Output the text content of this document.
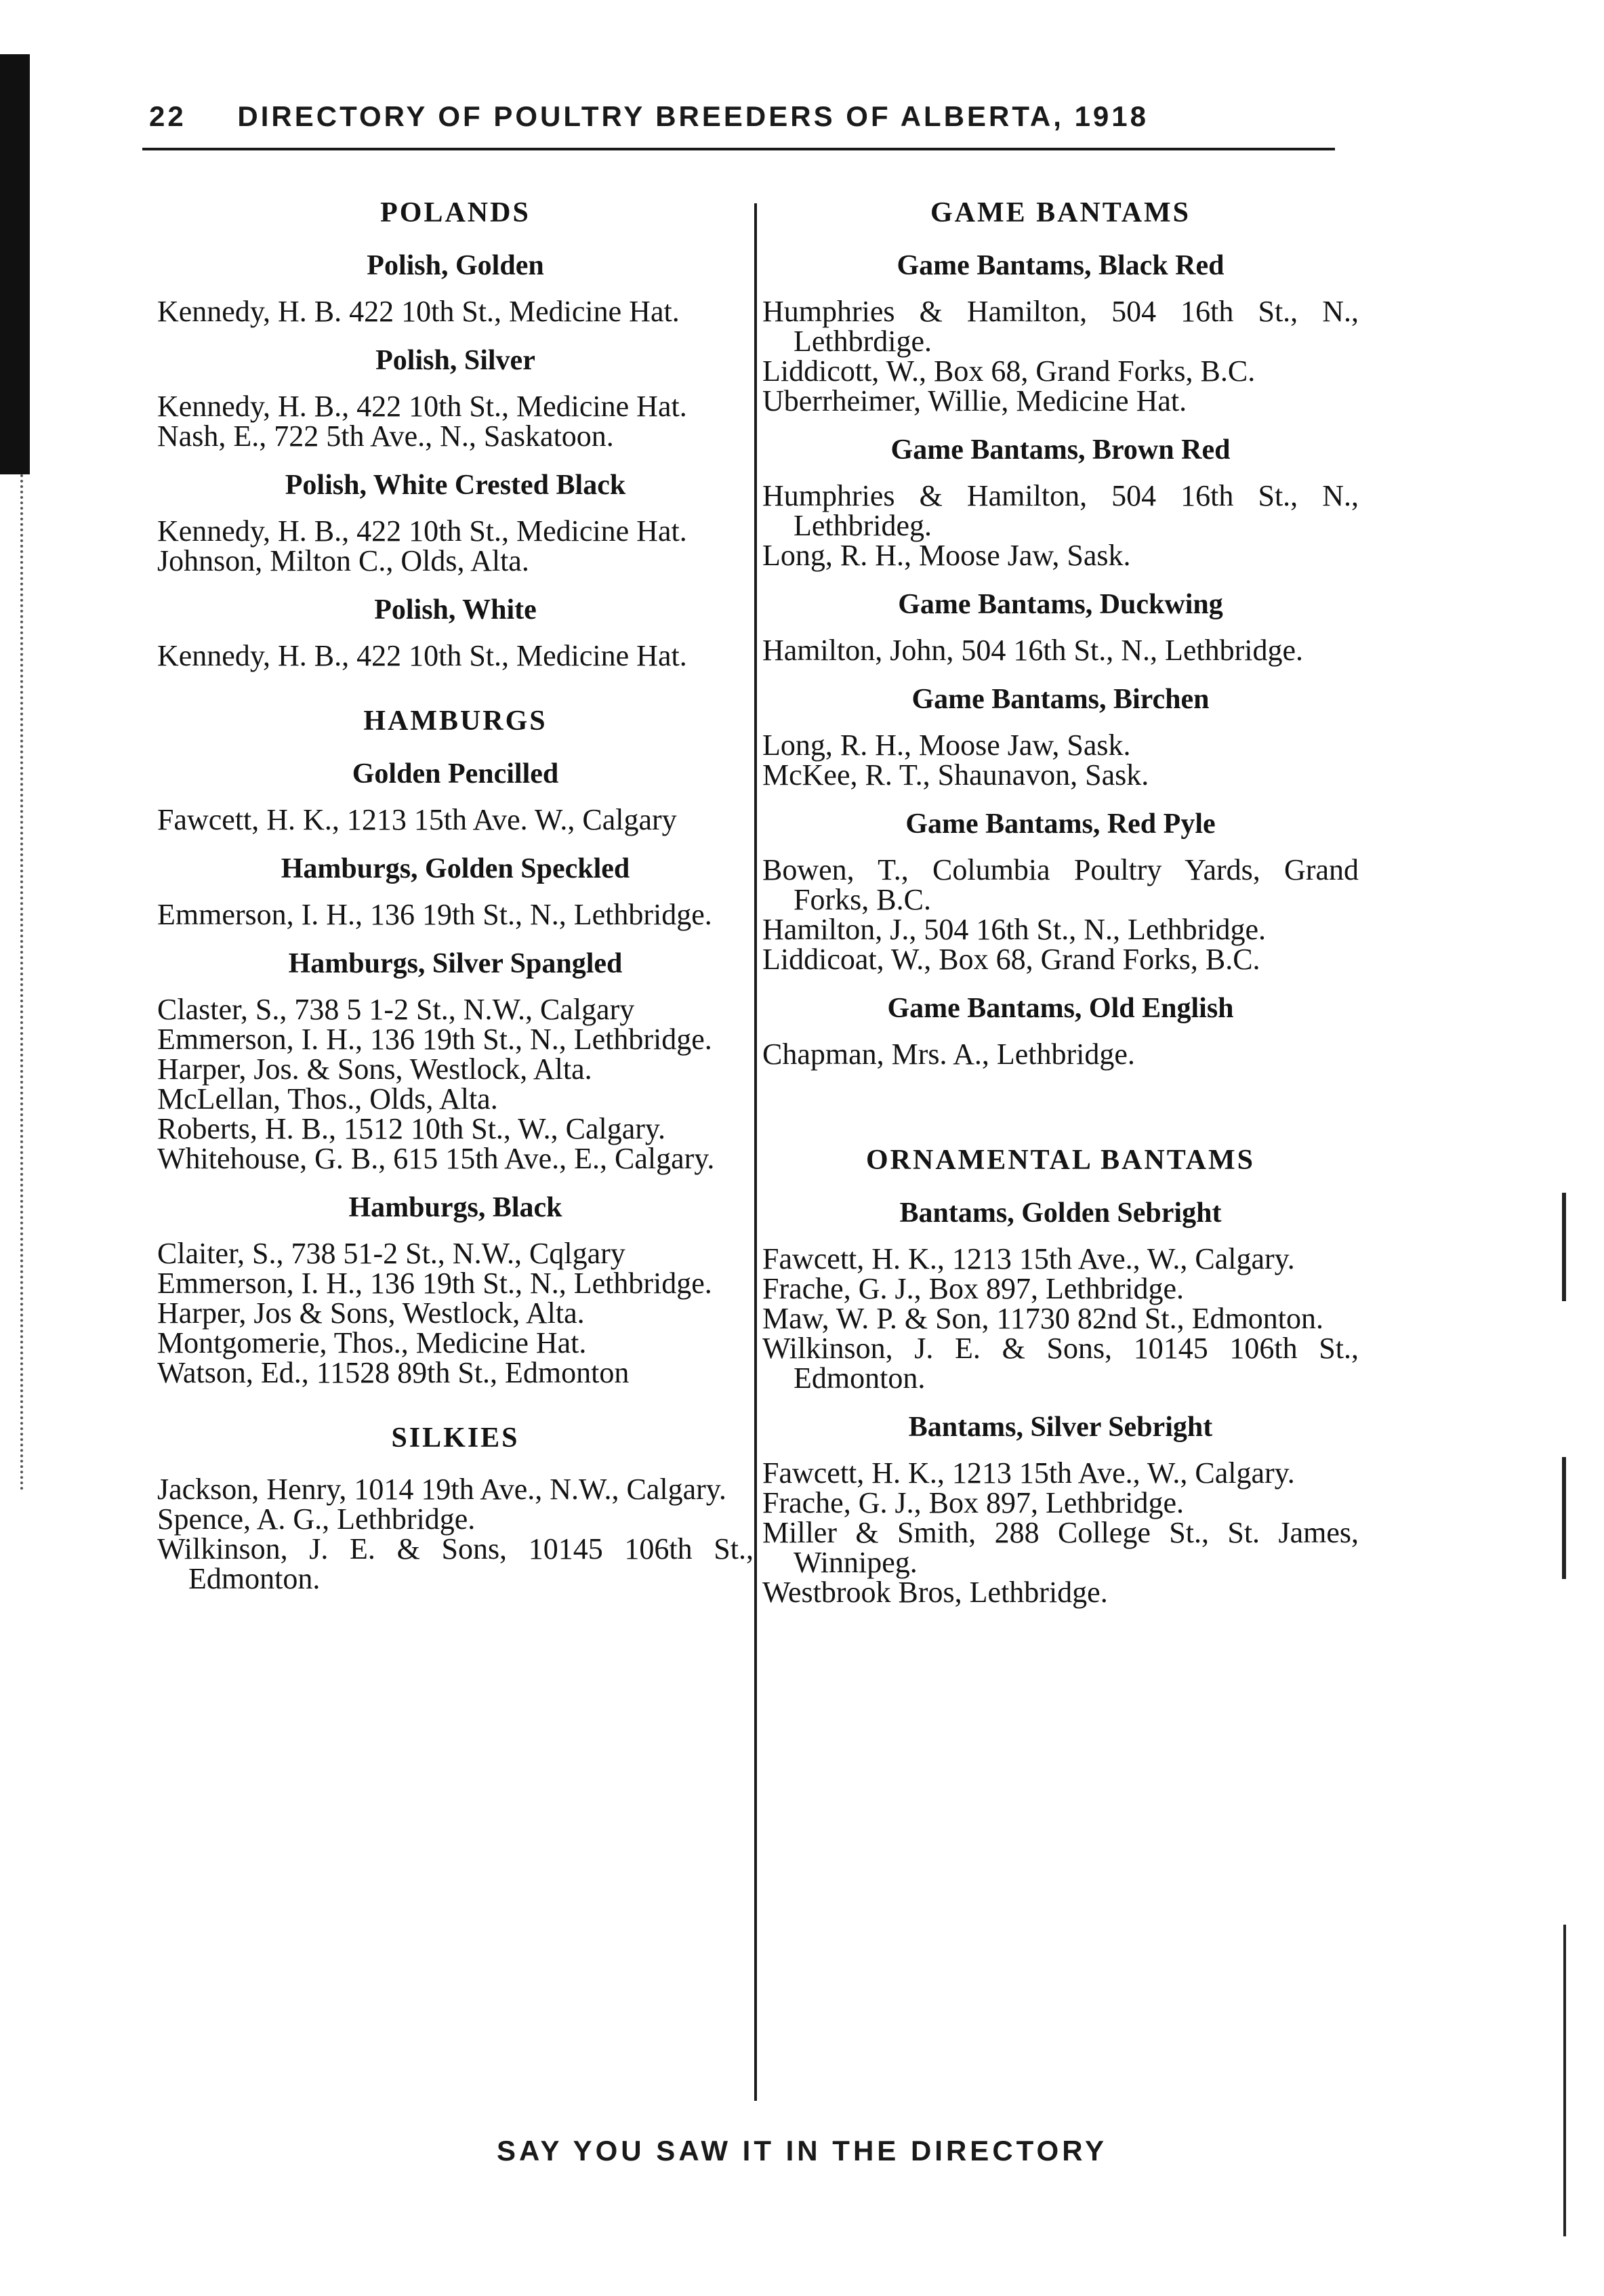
22 DIRECTORY OF POULTRY BREEDERS OF ALBERTA, 1918
POLANDS
Polish, Golden

Kennedy, H. B. 422 10th St., Medicine Hat.

Polish, Silver

Kennedy, H. B., 422 10th St., Medicine Hat.

Nash, E., 722 5th Ave., N., Saskatoon.

Polish, White Crested Black

Kennedy, H. B., 422 10th St., Medicine Hat.

Johnson, Milton C., Olds, Alta.

Polish, White

Kennedy, H. B., 422 10th St., Medicine Hat.

HAMBURGS
Golden Pencilled

Fawcett, H. K., 1213 15th Ave. W., Calgary

Hamburgs, Golden Speckled

Emmerson, I. H., 136 19th St., N., Lethbridge.

Hamburgs, Silver Spangled

Claster, S., 738 5 1-2 St., N.W., Calgary

Emmerson, I. H., 136 19th St., N., Lethbridge.

Harper, Jos. & Sons, Westlock, Alta.

McLellan, Thos., Olds, Alta.

Roberts, H. B., 1512 10th St., W., Calgary.

Whitehouse, G. B., 615 15th Ave., E., Calgary.

Hamburgs, Black

Claiter, S., 738 51-2 St., N.W., Cqlgary

Emmerson, I. H., 136 19th St., N., Lethbridge.

Harper, Jos & Sons, Westlock, Alta.

Montgomerie, Thos., Medicine Hat.

Watson, Ed., 11528 89th St., Edmonton

SILKIES

Jackson, Henry, 1014 19th Ave., N.W., Calgary.

Spence, A. G., Lethbridge.

Wilkinson, J. E. & Sons, 10145 106th St., Edmonton.

GAME BANTAMS
Game Bantams, Black Red

Humphries & Hamilton, 504 16th St., N., Lethbrdige.

Liddicott, W., Box 68, Grand Forks, B.C.

Uberrheimer, Willie, Medicine Hat.

Game Bantams, Brown Red

Humphries & Hamilton, 504 16th St., N., Lethbrideg.

Long, R. H., Moose Jaw, Sask.

Game Bantams, Duckwing

Hamilton, John, 504 16th St., N., Lethbridge.

Game Bantams, Birchen

Long, R. H., Moose Jaw, Sask.

McKee, R. T., Shaunavon, Sask.

Game Bantams, Red Pyle

Bowen, T., Columbia Poultry Yards, Grand Forks, B.C.

Hamilton, J., 504 16th St., N., Lethbridge.

Liddicoat, W., Box 68, Grand Forks, B.C.

Game Bantams, Old English

Chapman, Mrs. A., Lethbridge.

ORNAMENTAL BANTAMS
Bantams, Golden Sebright

Fawcett, H. K., 1213 15th Ave., W., Calgary.

Frache, G. J., Box 897, Lethbridge.

Maw, W. P. & Son, 11730 82nd St., Edmonton.

Wilkinson, J. E. & Sons, 10145 106th St., Edmonton.

Bantams, Silver Sebright

Fawcett, H. K., 1213 15th Ave., W., Calgary.

Frache, G. J., Box 897, Lethbridge.

Miller & Smith, 288 College St., St. James, Winnipeg.

Westbrook Bros, Lethbridge.

SAY YOU SAW IT IN THE DIRECTORY
